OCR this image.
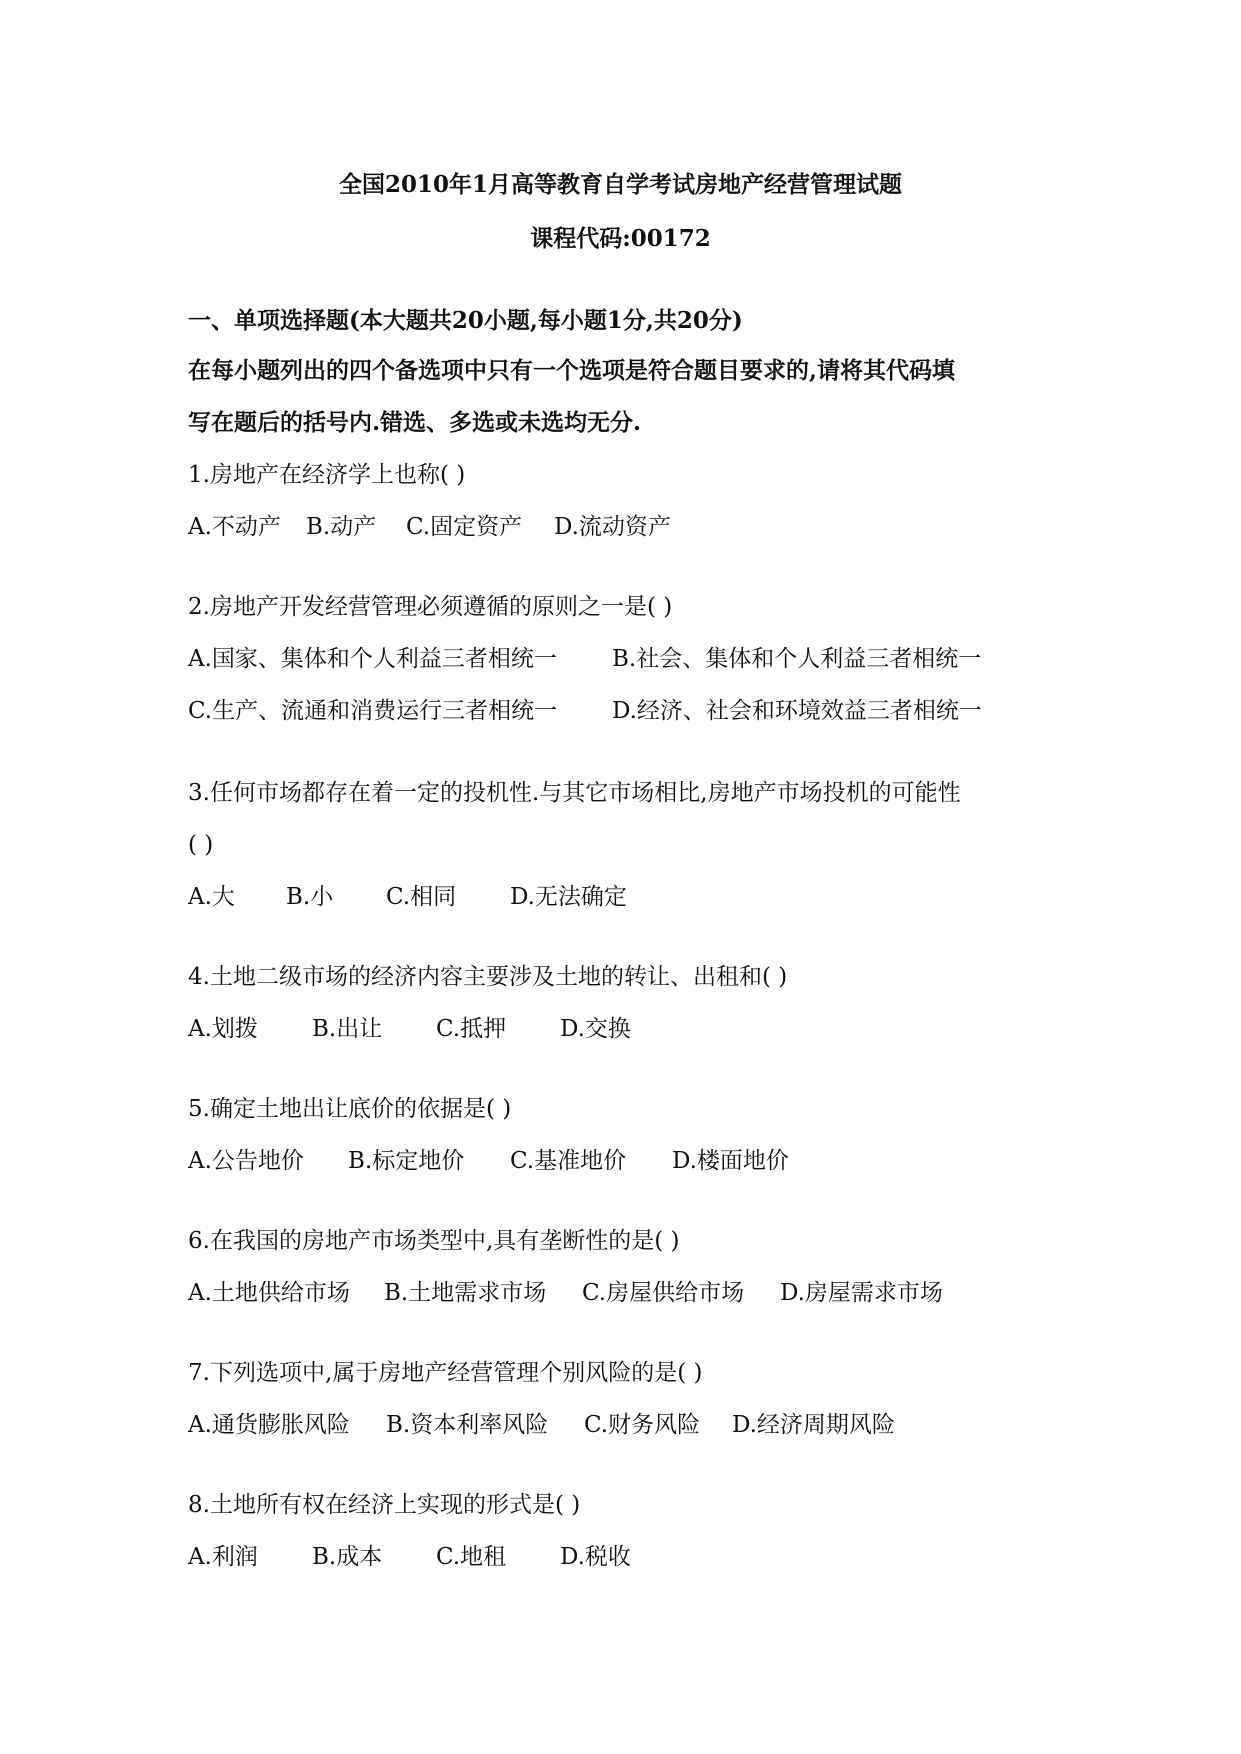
全国2010年1月高等教育自学考试房地产经营管理试题
课程代码:00172
一、单项选择题(本大题共20小题,每小题1分,共20分)
在每小题列出的四个备选项中只有一个选项是符合题目要求的,请将其代码填
写在题后的括号内.错选、多选或未选均无分.
1.房地产在经济学上也称( )
A.不动产 B.动产 C.固定资产 D.流动资产
2.房地产开发经营管理必须遵循的原则之一是( )
A.国家、集体和个人利益三者相统一 B.社会、集体和个人利益三者相统一
C.生产、流通和消费运行三者相统一 D.经济、社会和环境效益三者相统一
3.任何市场都存在着一定的投机性.与其它市场相比,房地产市场投机的可能性
( )
A.大 B.小 C.相同 D.无法确定
4.土地二级市场的经济内容主要涉及土地的转让、出租和( )
A.划拨 B.出让 C.抵押 D.交换
5.确定土地出让底价的依据是( )
A.公告地价 B.标定地价 C.基准地价 D.楼面地价
6.在我国的房地产市场类型中,具有垄断性的是( )
A.土地供给市场 B.土地需求市场 C.房屋供给市场 D.房屋需求市场
7.下列选项中,属于房地产经营管理个别风险的是( )
A.通货膨胀风险 B.资本利率风险 C.财务风险 D.经济周期风险
8.土地所有权在经济上实现的形式是( )
A.利润 B.成本 C.地租 D.税收
